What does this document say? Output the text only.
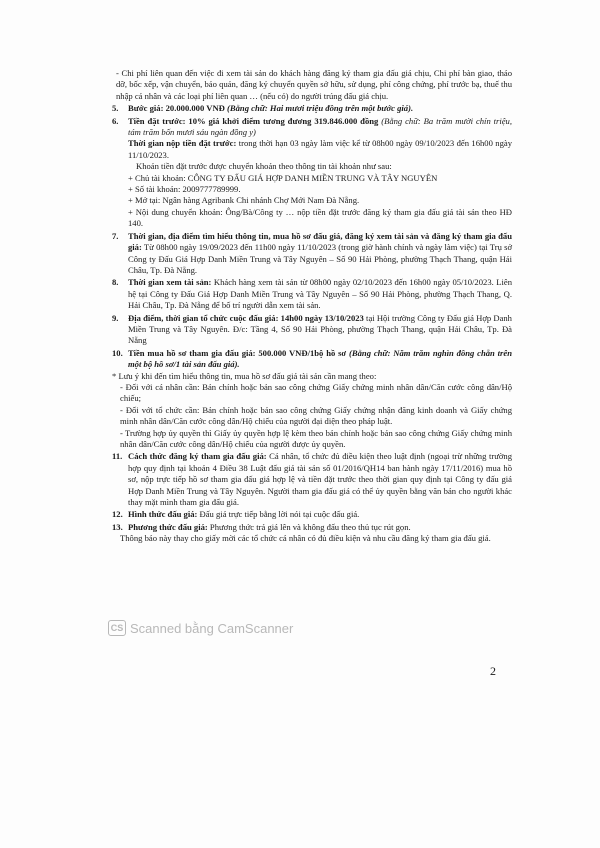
- Chi phí liên quan đến việc đi xem tài sản do khách hàng đăng ký tham gia đấu giá chịu, Chi phí bàn giao, tháo dỡ, bốc xếp, vận chuyển, bảo quản, đăng ký chuyển quyền sở hữu, sử dụng, phí công chứng, phí trước bạ, thuế thu nhập cá nhân và các loại phí liên quan … (nếu có) do người trúng đấu giá chịu.

5.	Bước giá: 20.000.000 VNĐ (Bằng chữ: Hai mươi triệu đồng trên một bước giá).
6.	Tiền đặt trước: 10% giá khởi điểm tương đương 319.846.000 đồng (Bằng chữ: Ba trăm mười chín triệu, tám trăm bốn mươi sáu ngàn đồng y)

Thời gian nộp tiền đặt trước: trong thời hạn 03 ngày làm việc kể từ 08h00 ngày 09/10/2023 đến 16h00 ngày 11/10/2023.

Khoản tiền đặt trước được chuyển khoản theo thông tin tài khoản như sau:

+ Chủ tài khoản: CÔNG TY ĐẤU GIÁ HỢP DANH MIỀN TRUNG VÀ TÂY NGUYÊN

+ Số tài khoản: 2009777789999.

+ Mở tại: Ngân hàng Agribank Chi nhánh Chợ Mới Nam Đà Nẵng.

+ Nội dung chuyển khoản: Ông/Bà/Công ty … nộp tiền đặt trước đăng ký tham gia đấu giá tài sản theo HĐ 140.

7.	Thời gian, địa điểm tìm hiểu thông tin, mua hồ sơ đấu giá, đăng ký xem tài sản và đăng ký tham gia đấu giá: Từ 08h00 ngày 19/09/2023 đến 11h00 ngày 11/10/2023 (trong giờ hành chính và ngày làm việc) tại Trụ sở Công ty Đấu Giá Hợp Danh Miền Trung và Tây Nguyên – Số 90 Hải Phòng, phường Thạch Thang, quận Hải Châu, Tp. Đà Nẵng.
8.	Thời gian xem tài sản: Khách hàng xem tài sản từ 08h00 ngày 02/10/2023 đến 16h00 ngày 05/10/2023. Liên hệ tại Công ty Đấu Giá Hợp Danh Miền Trung và Tây Nguyên – Số 90 Hải Phòng, phường Thạch Thang, Q. Hải Châu, Tp. Đà Nẵng để bố trí người dẫn xem tài sản.
9.	Địa điểm, thời gian tổ chức cuộc đấu giá: 14h00 ngày 13/10/2023 tại Hội trường Công ty Đấu giá Hợp Danh Miền Trung và Tây Nguyên. Đ/c: Tầng 4, Số 90 Hải Phòng, phường Thạch Thang, quận Hải Châu, Tp. Đà Nẵng
10. Tiền mua hồ sơ tham gia đấu giá: 500.000 VNĐ/1bộ hồ sơ (Bằng chữ: Năm trăm nghìn đồng chẵn trên một bộ hồ sơ/1 tài sản đấu giá).

* Lưu ý khi đến tìm hiểu thông tin, mua hồ sơ đấu giá tài sản cần mang theo:

- Đối với cá nhân cần: Bản chính hoặc bản sao công chứng Giấy chứng minh nhân dân/Căn cước công dân/Hộ chiếu;

- Đối với tổ chức cần: Bản chính hoặc bản sao công chứng Giấy chứng nhận đăng kinh doanh và Giấy chứng minh nhân dân/Căn cước công dân/Hộ chiếu của người đại diện theo pháp luật.

- Trường hợp ủy quyền thì Giấy ủy quyền hợp lệ kèm theo bản chính hoặc bản sao công chứng Giấy chứng minh nhân dân/Căn cước công dân/Hộ chiếu của người được ủy quyền.

11. Cách thức đăng ký tham gia đấu giá: Cá nhân, tổ chức đủ điều kiện theo luật định (ngoại trừ những trường hợp quy định tại khoản 4 Điều 38 Luật đấu giá tài sản số 01/2016/QH14 ban hành ngày 17/11/2016) mua hồ sơ, nộp trực tiếp hồ sơ tham gia đấu giá hợp lệ và tiền đặt trước theo thời gian quy định tại Công ty đấu giá Hợp Danh Miền Trung và Tây Nguyên. Người tham gia đấu giá có thể ủy quyền bằng văn bản cho người khác thay mặt mình tham gia đấu giá.
12. Hình thức đấu giá: Đấu giá trực tiếp bằng lời nói tại cuộc đấu giá.
13. Phương thức đấu giá: Phương thức trả giá lên và không đấu theo thủ tục rút gọn.

Thông báo này thay cho giấy mời các tổ chức cá nhân có đủ điều kiện và nhu cầu đăng ký tham gia đấu giá.

CS Scanned bằng CamScanner
2
